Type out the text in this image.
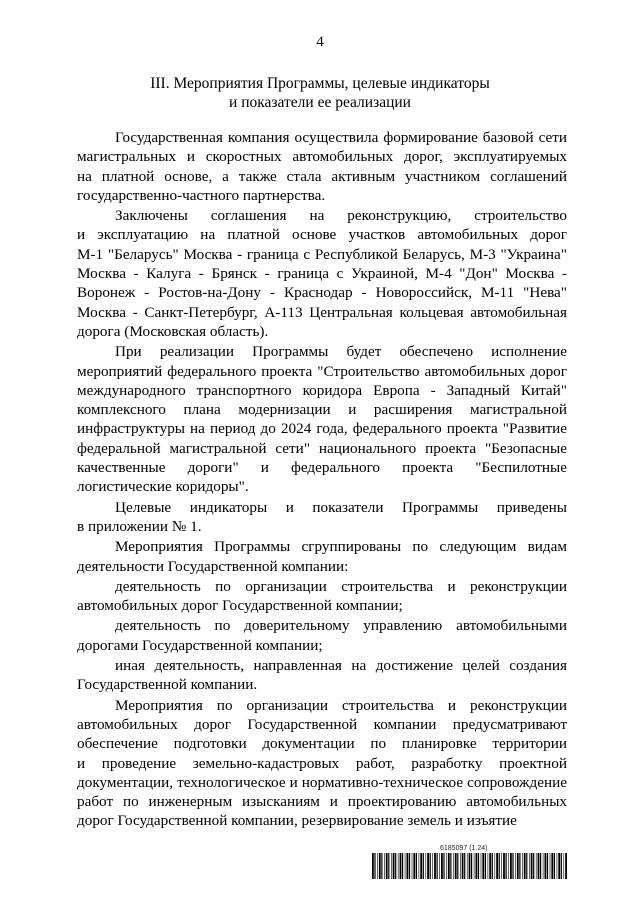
4
III. Мероприятия Программы, целевые индикаторы
и показатели ее реализации
Государственная компания осуществила формирование базовой сети
магистральных и скоростных автомобильных дорог, эксплуатируемых
на платной основе, а также стала активным участником соглашений
государственно-частного партнерства.
Заключены соглашения на реконструкцию, строительство
и эксплуатацию на платной основе участков автомобильных дорог
М-1 "Беларусь" Москва - граница с Республикой Беларусь, М-3 "Украина"
Москва - Калуга - Брянск - граница с Украиной, М-4 "Дон" Москва -
Воронеж - Ростов-на-Дону - Краснодар - Новороссийск, М-11 "Нева"
Москва - Санкт-Петербург, А-113 Центральная кольцевая автомобильная
дорога (Московская область).
При реализации Программы будет обеспечено исполнение
мероприятий федерального проекта "Строительство автомобильных дорог
международного транспортного коридора Европа - Западный Китай"
комплексного плана модернизации и расширения магистральной
инфраструктуры на период до 2024 года, федерального проекта "Развитие
федеральной магистральной сети" национального проекта "Безопасные
качественные дороги" и федерального проекта "Беспилотные
логистические коридоры".
Целевые индикаторы и показатели Программы приведены
в приложении № 1.
Мероприятия Программы сгруппированы по следующим видам
деятельности Государственной компании:
деятельность по организации строительства и реконструкции
автомобильных дорог Государственной компании;
деятельность по доверительному управлению автомобильными
дорогами Государственной компании;
иная деятельность, направленная на достижение целей создания
Государственной компании.
Мероприятия по организации строительства и реконструкции
автомобильных дорог Государственной компании предусматривают
обеспечение подготовки документации по планировке территории
и проведение земельно-кадастровых работ, разработку проектной
документации, технологическое и нормативно-техническое сопровождение
работ по инженерным изысканиям и проектированию автомобильных
дорог Государственной компании, резервирование земель и изъятие
6185097 (1.24)
